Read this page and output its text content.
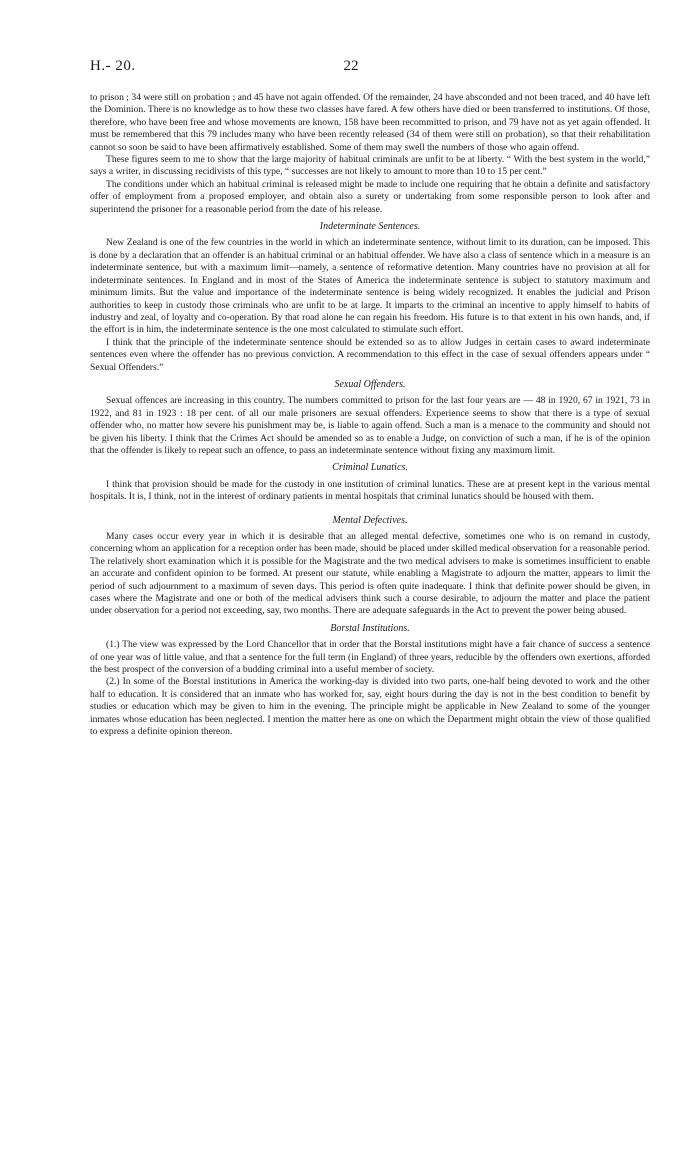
H.- 20.	22

to prison ; 34 were still on probation ; and 45 have not again offended. Of the remainder, 24 have absconded and not been traced, and 40 have left the Dominion. There is no knowledge as to how these two classes have fared. A few others have died or been transferred to institutions. Of those, therefore, who have been free and whose movements are known, 158 have been recommitted to prison, and 79 have not as yet again offended. It must be remembered that this 79 includes many who have been recently released (34 of them were still on probation), so that their rehabilitation cannot so soon be said to have been affirmatively established. Some of them may swell the numbers of those who again offend.

These figures seem to me to show that the large majority of habitual criminals are unfit to be at liberty. “ With the best system in the world,” says a writer, in discussing recidivists of this type, “ successes are not likely to amount to more than 10 to 15 per cent.”

The conditions under which an habitual criminal is released might be made to include one requiring that he obtain a definite and satisfactory offer of employment from a proposed employer, and obtain also a surety or undertaking from some responsible person to look after and superintend the prisoner for a reasonable period from the date of his release.

Indeterminate Sentences.

New Zealand is one of the few countries in the world in which an indeterminate sentence, without limit to its duration, can be imposed. This is done by a declaration that an offender is an habitual criminal or an habitual offender. We have also a class of sentence which in a measure is an indeterminate sentence, but with a maximum limit—namely, a sentence of reformative detention. Many countries have no provision at all for indeterminate sentences. In England and in most of the States of America the indeterminate sentence is subject to statutory maximum and minimum limits. But the value and importance of the indeterminate sentence is being widely recognized. It enables the judicial and Prison authorities to keep in custody those criminals who are unfit to be at large. It imparts to the criminal an incentive to apply himself to habits of industry and zeal, of loyalty and co-operation. By that road alone he can regain his freedom. His future is to that extent in his own hands, and, if the effort is in him, the indeterminate sentence is the one most calculated to stimulate such effort.

I think that the principle of the indeterminate sentence should be extended so as to allow Judges in certain cases to award indeterminate sentences even where the offender has no previous conviction. A recommendation to this effect in the case of sexual offenders appears under “ Sexual Offenders.”

Sexual Offenders.

Sexual offences are increasing in this country. The numbers committed to prison for the last four years are — 48 in 1920, 67 in 1921, 73 in 1922, and 81 in 1923 : 18 per cent. of all our male prisoners are sexual offenders. Experience seems to show that there is a type of sexual offender who, no matter how severe his punishment may be, is liable to again offend. Such a man is a menace to the community and should not be given his liberty. I think that the Crimes Act should be amended so as to enable a Judge, on conviction of such a man, if he is of the opinion that the offender is likely to repeat such an offence, to pass an indeterminate sentence without fixing any maximum limit.

Criminal Lunatics.

I think that provision should be made for the custody in one institution of criminal lunatics. These are at present kept in the various mental hospitals. It is, I think, not in the interest of ordinary patients in mental hospitals that criminal lunatics should be housed with them.

Mental Defectives.

Many cases occur every year in which it is desirable that an alleged mental defective, sometimes one who is on remand in custody, concerning whom an application for a reception order has been made, should be placed under skilled medical observation for a reasonable period. The relatively short examination which it is possible for the Magistrate and the two medical advisers to make is sometimes insufficient to enable an accurate and confident opinion to be formed. At present our statute, while enabling a Magistrate to adjourn the matter, appears to limit the period of such adjournment to a maximum of seven days. This period is often quite inadequate. I think that definite power should be given, in cases where the Magistrate and one or both of the medical advisers think such a course desirable, to adjourn the matter and place the patient under observation for a period not exceeding, say, two months. There are adequate safeguards in the Act to prevent the power being abused.

Borstal Institutions.

(1.) The view was expressed by the Lord Chancellor that in order that the Borstal institutions might have a fair chance of success a sentence of one year was of little value, and that a sentence for the full term (in England) of three years, reducible by the offenders own exertions, afforded the best prospect of the conversion of a budding criminal into a useful member of society.

(2.) In some of the Borstal institutions in America the working-day is divided into two parts, one-half being devoted to work and the other half to education. It is considered that an inmate who has worked for, say, eight hours during the day is not in the best condition to benefit by studies or education which may be given to him in the evening. The principle might be applicable in New Zealand to some of the younger inmates whose education has been neglected. I mention the matter here as one on which the Department might obtain the view of those qualified to express a definite opinion thereon.
